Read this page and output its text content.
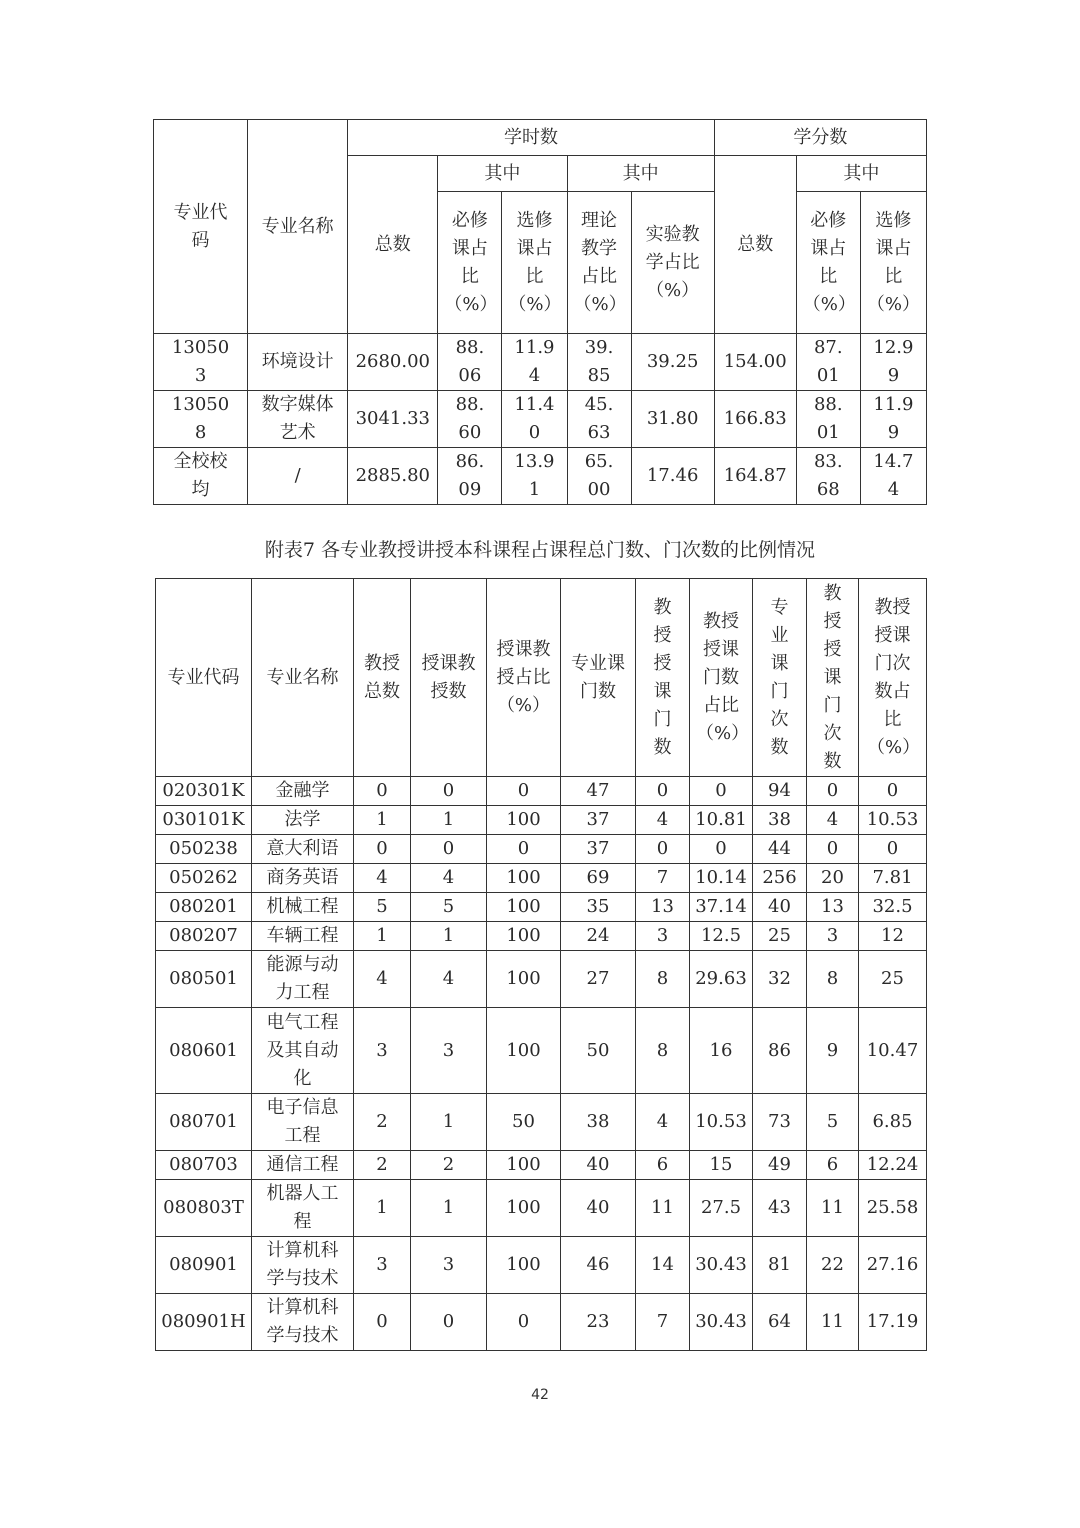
专业代码	专业名称	学时数					学分数		
		总数	其中		其中		总数	其中	
			必修课占比（%）	选修课占比（%）	理论教学占比（%）	实验教学占比（%）		必修课占比（%）	选修课占比（%）

130503	环境设计	2680.00	88.06	11.94	39.85	39.25	154.00	87.01	12.99
130508	数字媒体艺术	3041.33	88.60	11.40	45.63	31.80	166.83	88.01	11.99
全校校均	/	2885.80	86.09	13.91	65.00	17.46	164.87	83.68	14.74
附表7 各专业教授讲授本科课程占课程总门数、门次数的比例情况
专业代码	专业名称	教授总数	授课教授数	授课教授占比（%）	专业课门数	教授授课门数	教授授课门数占比（%）	专业课门次数	教授授课门次数	教授授课门次数占比（%）
020301K	金融学	0	0	0	47	0	0	94	0	0
030101K	法学	1	1	100	37	4	10.81	38	4	10.53
050238	意大利语	0	0	0	37	0	0	44	0	0
050262	商务英语	4	4	100	69	7	10.14	256	20	7.81
080201	机械工程	5	5	100	35	13	37.14	40	13	32.5
080207	车辆工程	1	1	100	24	3	12.5	25	3	12
080501	能源与动力工程	4	4	100	27	8	29.63	32	8	25
080601	电气工程及其自动化	3	3	100	50	8	16	86	9	10.47
080701	电子信息工程	2	1	50	38	4	10.53	73	5	6.85
080703	通信工程	2	2	100	40	6	15	49	6	12.24
080803T	机器人工程	1	1	100	40	11	27.5	43	11	25.58
080901	计算机科学与技术	3	3	100	46	14	30.43	81	22	27.16
080901H	计算机科学与技术	0	0	0	23	7	30.43	64	11	17.19
42
